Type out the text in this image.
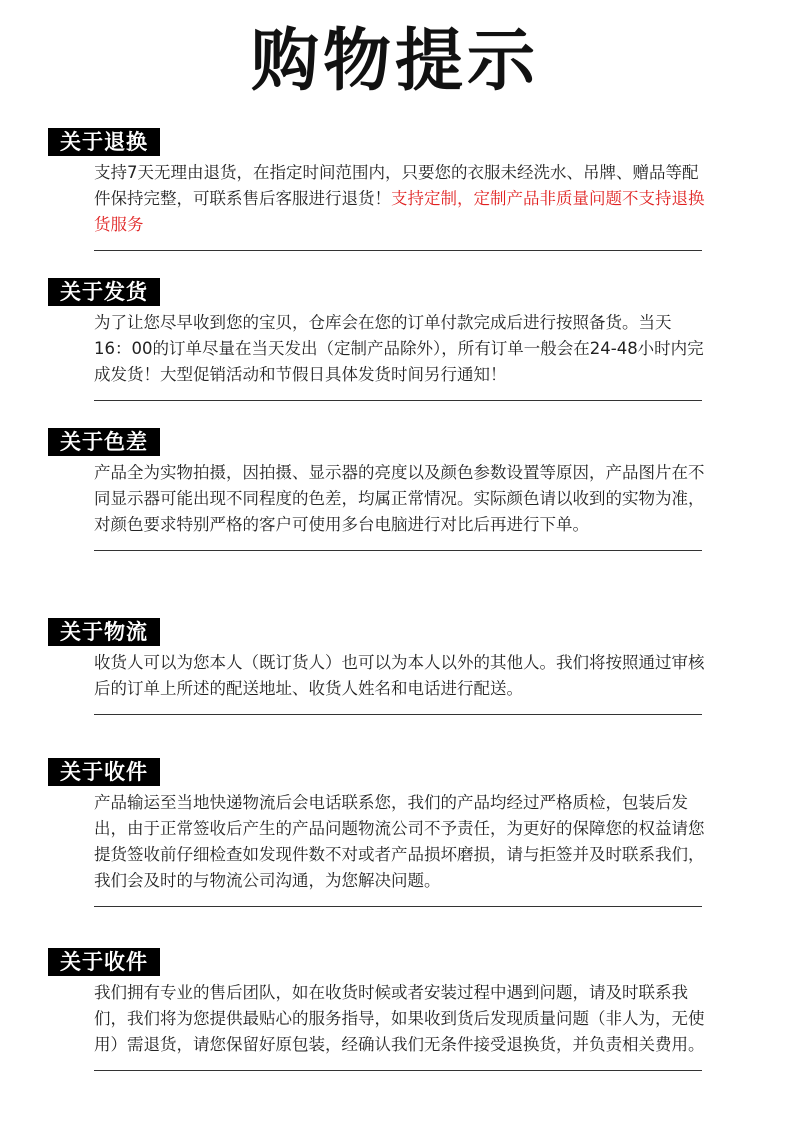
购物提示
关于退换
支持7天无理由退货，在指定时间范围内，只要您的衣服未经洗水、吊牌、赠品等配件保持完整，可联系售后客服进行退货！支持定制，定制产品非质量问题不支持退换货服务
关于发货
为了让您尽早收到您的宝贝，仓库会在您的订单付款完成后进行按照备货。当天16：00的订单尽量在当天发出（定制产品除外），所有订单一般会在24-48小时内完成发货！大型促销活动和节假日具体发货时间另行通知！
关于色差
产品全为实物拍摄，因拍摄、显示器的亮度以及颜色参数设置等原因，产品图片在不同显示器可能出现不同程度的色差，均属正常情况。实际颜色请以收到的实物为准，对颜色要求特别严格的客户可使用多台电脑进行对比后再进行下单。
关于物流
收货人可以为您本人（既订货人）也可以为本人以外的其他人。我们将按照通过审核后的订单上所述的配送地址、收货人姓名和电话进行配送。
关于收件
产品输运至当地快递物流后会电话联系您，我们的产品均经过严格质检，包装后发出，由于正常签收后产生的产品问题物流公司不予责任，为更好的保障您的权益请您提货签收前仔细检查如发现件数不对或者产品损坏磨损，请与拒签并及时联系我们，我们会及时的与物流公司沟通，为您解决问题。
关于收件
我们拥有专业的售后团队，如在收货时候或者安装过程中遇到问题，请及时联系我们，我们将为您提供最贴心的服务指导，如果收到货后发现质量问题（非人为，无使用）需退货，请您保留好原包装，经确认我们无条件接受退换货，并负责相关费用。
